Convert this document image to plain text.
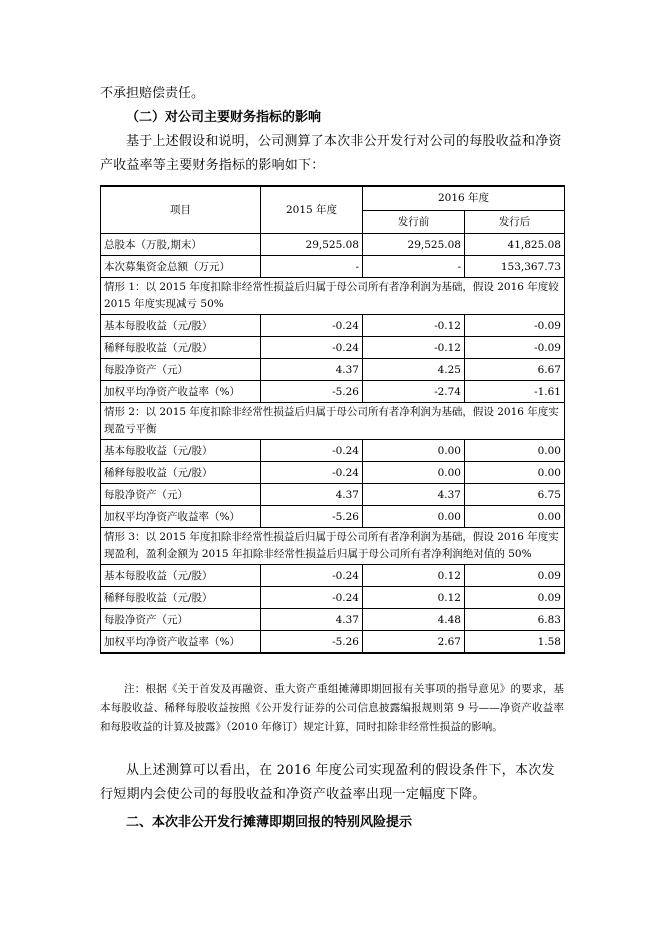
不承担赔偿责任。

（二）对公司主要财务指标的影响

基于上述假设和说明，公司测算了本次非公开发行对公司的每股收益和净资产收益率等主要财务指标的影响如下：

项目	2015 年度	2016 年度	
		发行前	发行后
总股本（万股,期末）	29,525.08	29,525.08	41,825.08
本次募集资金总额（万元）	-	-	153,367.73
情形 1：以 2015 年度扣除非经常性损益后归属于母公司所有者净利润为基础，假设 2016 年度较 2015 年度实现减亏 50%			
基本每股收益（元/股）	-0.24	-0.12	-0.09
稀释每股收益（元/股）	-0.24	-0.12	-0.09
每股净资产（元）	4.37	4.25	6.67
加权平均净资产收益率（%）	-5.26	-2.74	-1.61
情形 2：以 2015 年度扣除非经常性损益后归属于母公司所有者净利润为基础，假设 2016 年度实现盈亏平衡			
基本每股收益（元/股）	-0.24	0.00	0.00
稀释每股收益（元/股）	-0.24	0.00	0.00
每股净资产（元）	4.37	4.37	6.75
加权平均净资产收益率（%）	-5.26	0.00	0.00
情形 3：以 2015 年度扣除非经常性损益后归属于母公司所有者净利润为基础，假设 2016 年度实现盈利，盈利金额为 2015 年扣除非经常性损益后归属于母公司所有者净利润绝对值的 50%			
基本每股收益（元/股）	-0.24	0.12	0.09
稀释每股收益（元/股）	-0.24	0.12	0.09
每股净资产（元）	4.37	4.48	6.83
加权平均净资产收益率（%）	-5.26	2.67	1.58

注：根据《关于首发及再融资、重大资产重组摊薄即期回报有关事项的指导意见》的要求，基本每股收益、稀释每股收益按照《公开发行证券的公司信息披露编报规则第 9 号——净资产收益率和每股收益的计算及披露》（2010 年修订）规定计算，同时扣除非经常性损益的影响。

从上述测算可以看出，在 2016 年度公司实现盈利的假设条件下，本次发行短期内会使公司的每股收益和净资产收益率出现一定幅度下降。

二、本次非公开发行摊薄即期回报的特别风险提示
